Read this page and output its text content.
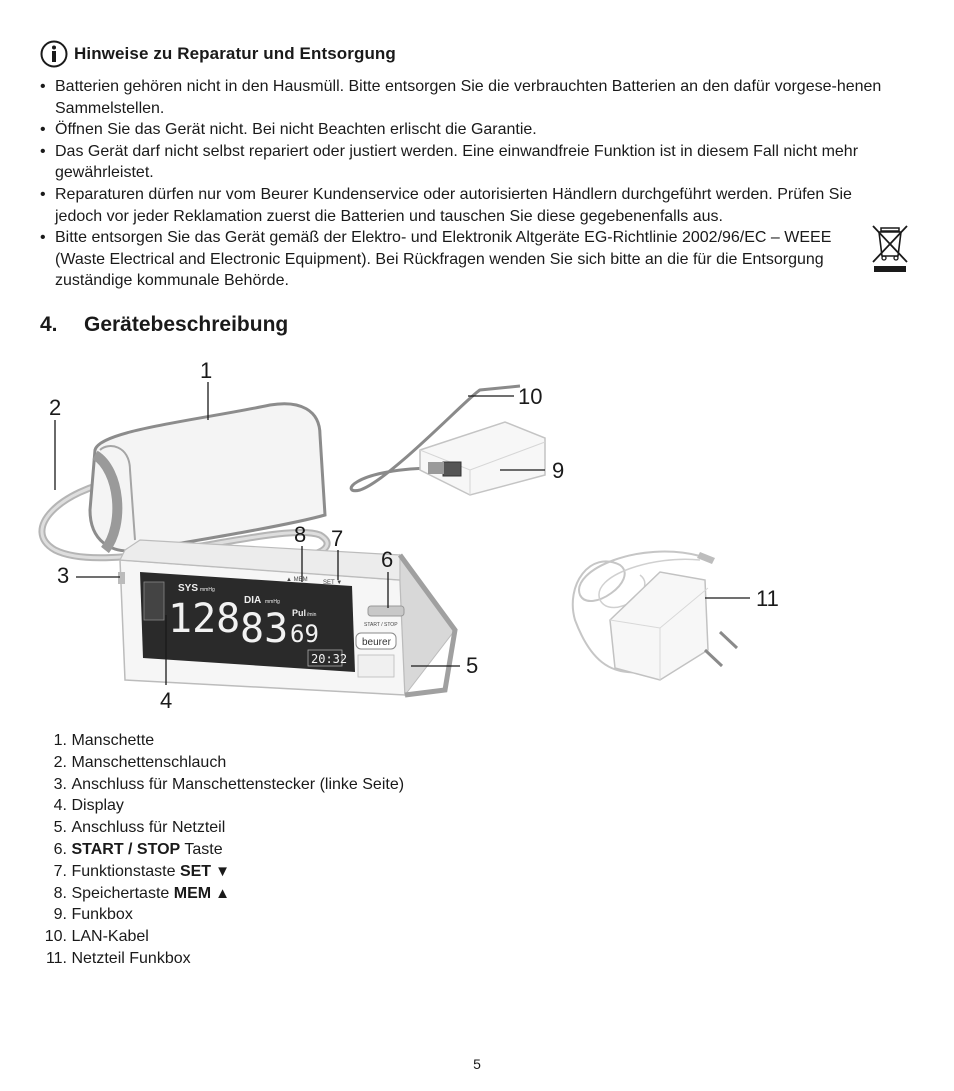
Hinweise zu Reparatur und Entsorgung
• Batterien gehören nicht in den Hausmüll. Bitte entsorgen Sie die verbrauchten Batterien an den dafür vorgese-henen Sammelstellen.
• Öffnen Sie das Gerät nicht. Bei nicht Beachten erlischt die Garantie.
• Das Gerät darf nicht selbst repariert oder justiert werden. Eine einwandfreie Funktion ist in diesem Fall nicht mehr gewährleistet.
• Reparaturen dürfen nur vom Beurer Kundenservice oder autorisierten Händlern durchgeführt werden. Prüfen Sie jedoch vor jeder Reklamation zuerst die Batterien und tauschen Sie diese gegebenenfalls aus.
• Bitte entsorgen Sie das Gerät gemäß der Elektro- und Elektronik Altgeräte EG-Richtlinie 2002/96/EC – WEEE (Waste Electrical and Electronic Equipment). Bei Rückfragen wenden Sie sich bitte an die für die Entsorgung zuständige kommunale Behörde.
4.	Gerätebeschreibung
SYS mmHg
128 DIA mmHg
83 Pul /min
69
20:32
▲ MEM	SET ▼
START / STOP
beurer
1
2
3
4
5
6
7
8
9
10
11
1.
Manschette
2.
Manschettenschlauch
3.
Anschluss für Manschettenstecker (linke Seite)
4.
Display
5.
Anschluss für Netzteil
6.
START / STOP Taste
7.
Funktionstaste SET ▼
8.
Speichertaste MEM ▲
9.
Funkbox
10.
LAN-Kabel
11.
Netzteil Funkbox
5
